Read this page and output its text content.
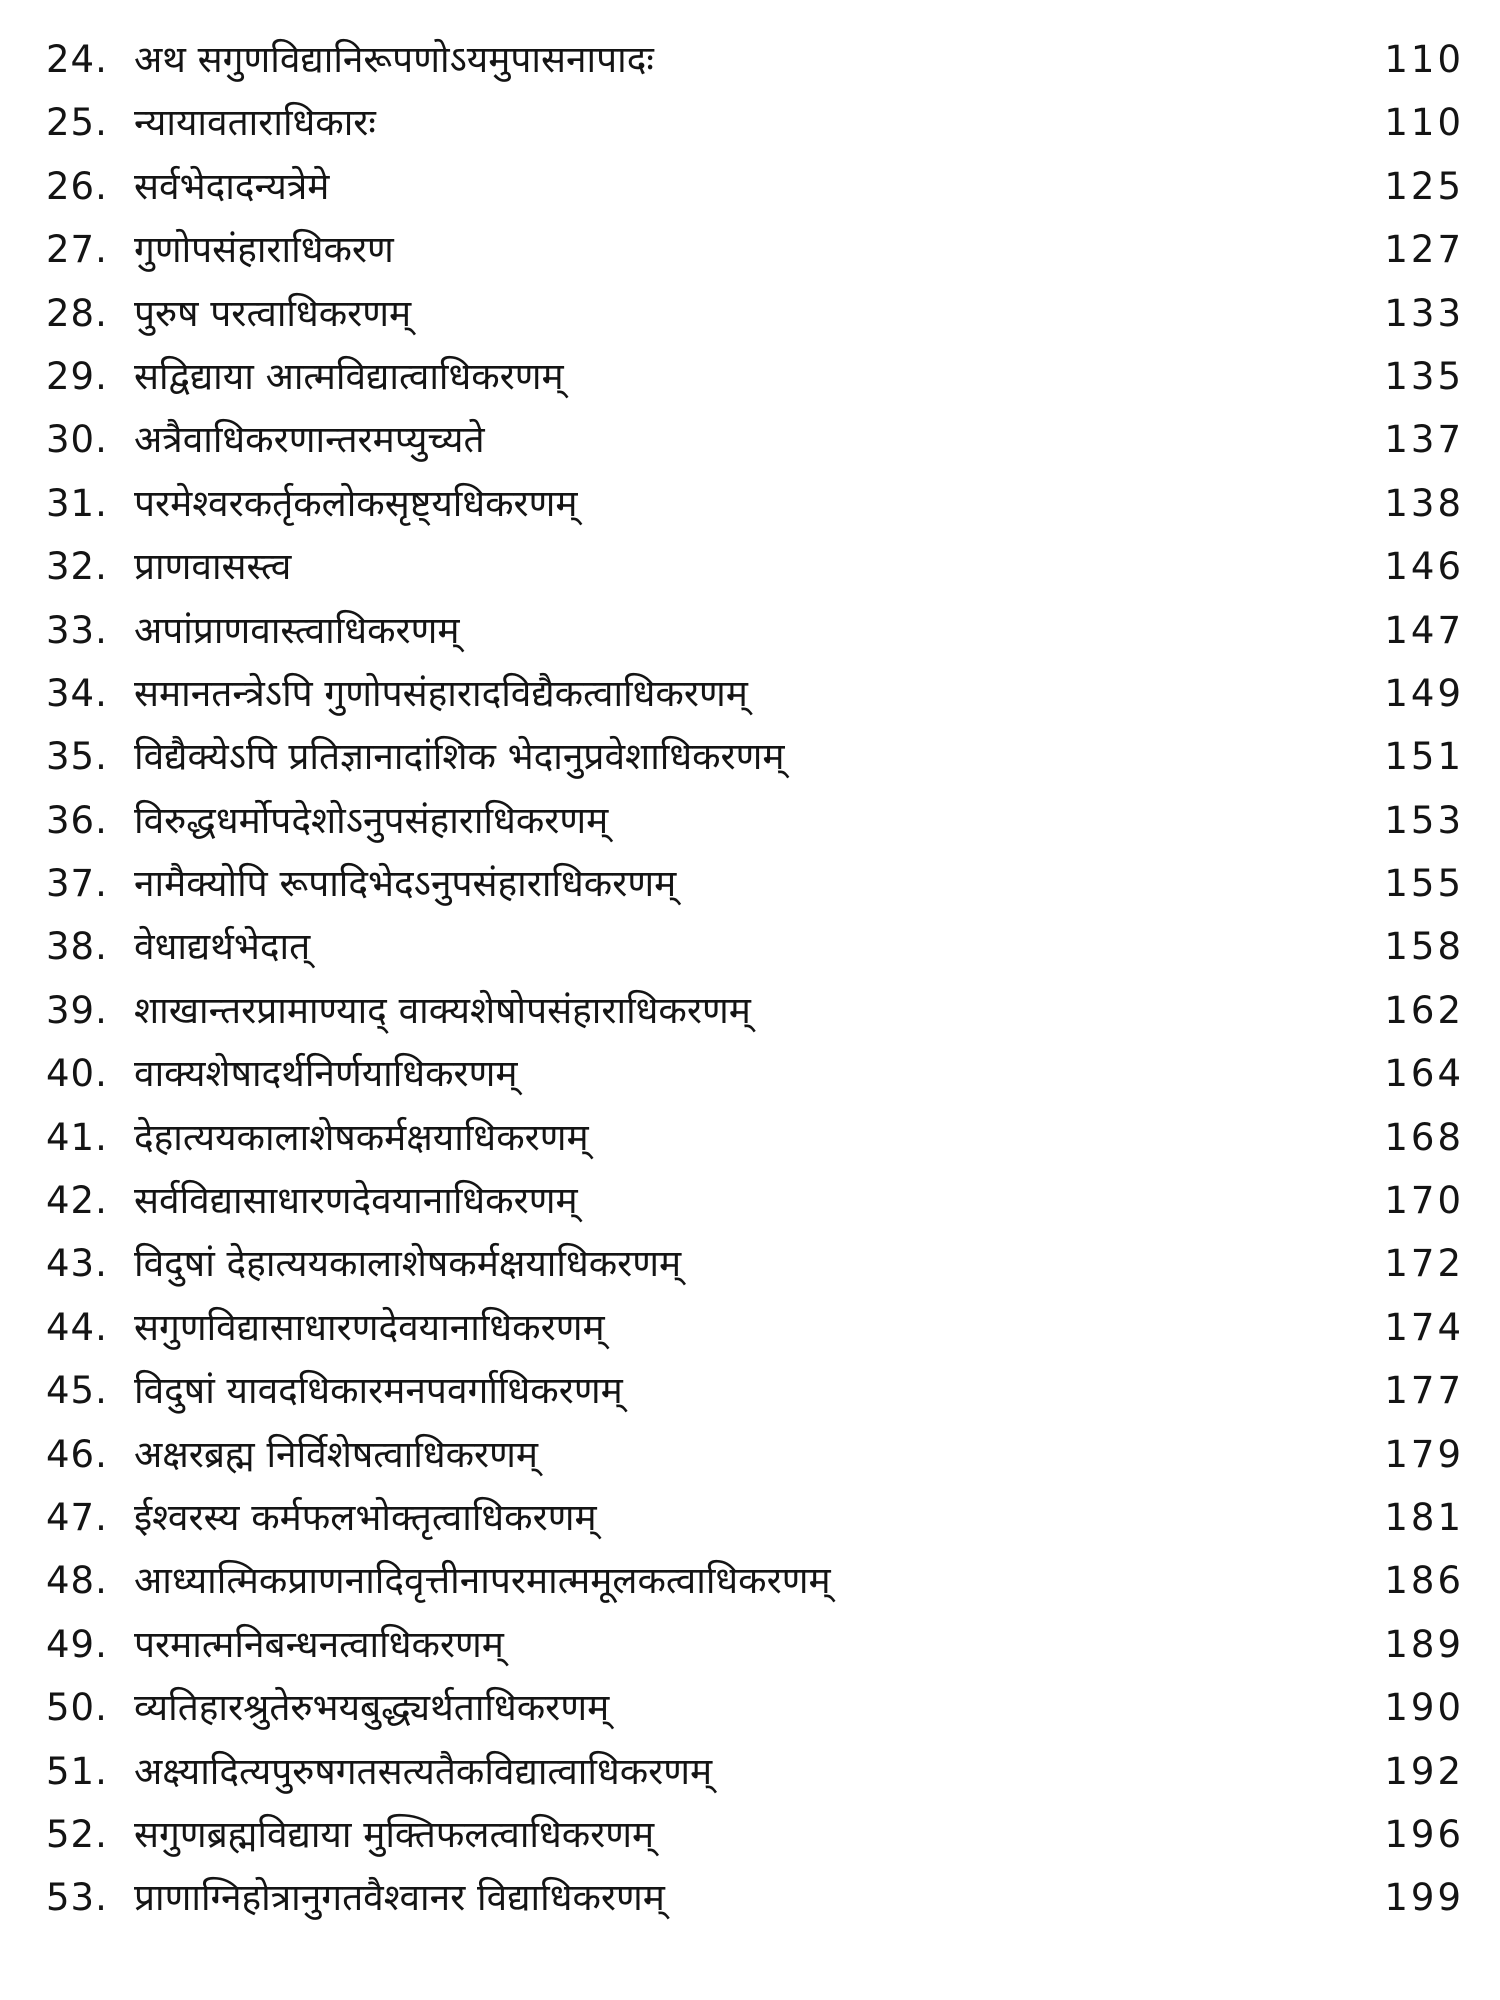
24. अथ सगुणविद्यानिरूपणोऽयमुपासनापादः	110
25. न्यायावताराधिकारः	110
26. सर्वभेदादन्यत्रेमे	125
27. गुणोपसंहाराधिकरण	127
28. पुरुष परत्वाधिकरणम्	133
29. सद्विद्याया आत्मविद्यात्वाधिकरणम्	135
30. अत्रैवाधिकरणान्तरमप्युच्यते	137
31. परमेश्वरकर्तृकलोकसृष्ट्यधिकरणम्	138
32. प्राणवासस्त्व	146
33. अपांप्राणवास्त्वाधिकरणम्	147
34. समानतन्त्रेऽपि गुणोपसंहारादविद्यैकत्वाधिकरणम्	149
35. विद्यैक्येऽपि प्रतिज्ञानादांशिक भेदानुप्रवेशाधिकरणम्	151
36. विरुद्धधर्मोपदेशोऽनुपसंहाराधिकरणम्	153
37. नामैक्योपि रूपादिभेदऽनुपसंहाराधिकरणम्	155
38. वेधाद्यर्थभेदात्	158
39. शाखान्तरप्रामाण्याद् वाक्यशेषोपसंहाराधिकरणम्	162
40. वाक्यशेषादर्थनिर्णयाधिकरणम्	164
41. देहात्ययकालाशेषकर्मक्षयाधिकरणम्	168
42. सर्वविद्यासाधारणदेवयानाधिकरणम्	170
43. विदुषां देहात्ययकालाशेषकर्मक्षयाधिकरणम्	172
44. सगुणविद्यासाधारणदेवयानाधिकरणम्	174
45. विदुषां यावदधिकारमनपवर्गाधिकरणम्	177
46. अक्षरब्रह्म निर्विशेषत्वाधिकरणम्	179
47. ईश्वरस्य कर्मफलभोक्तृत्वाधिकरणम्	181
48. आध्यात्मिकप्राणनादिवृत्तीनापरमात्ममूलकत्वाधिकरणम्	186
49. परमात्मनिबन्धनत्वाधिकरणम्	189
50. व्यतिहारश्रुतेरुभयबुद्ध्यर्थताधिकरणम्	190
51. अक्ष्यादित्यपुरुषगतसत्यतैकविद्यात्वाधिकरणम्	192
52. सगुणब्रह्मविद्याया मुक्तिफलत्वाधिकरणम्	196
53. प्राणाग्निहोत्रानुगतवैश्वानर विद्याधिकरणम्	199
